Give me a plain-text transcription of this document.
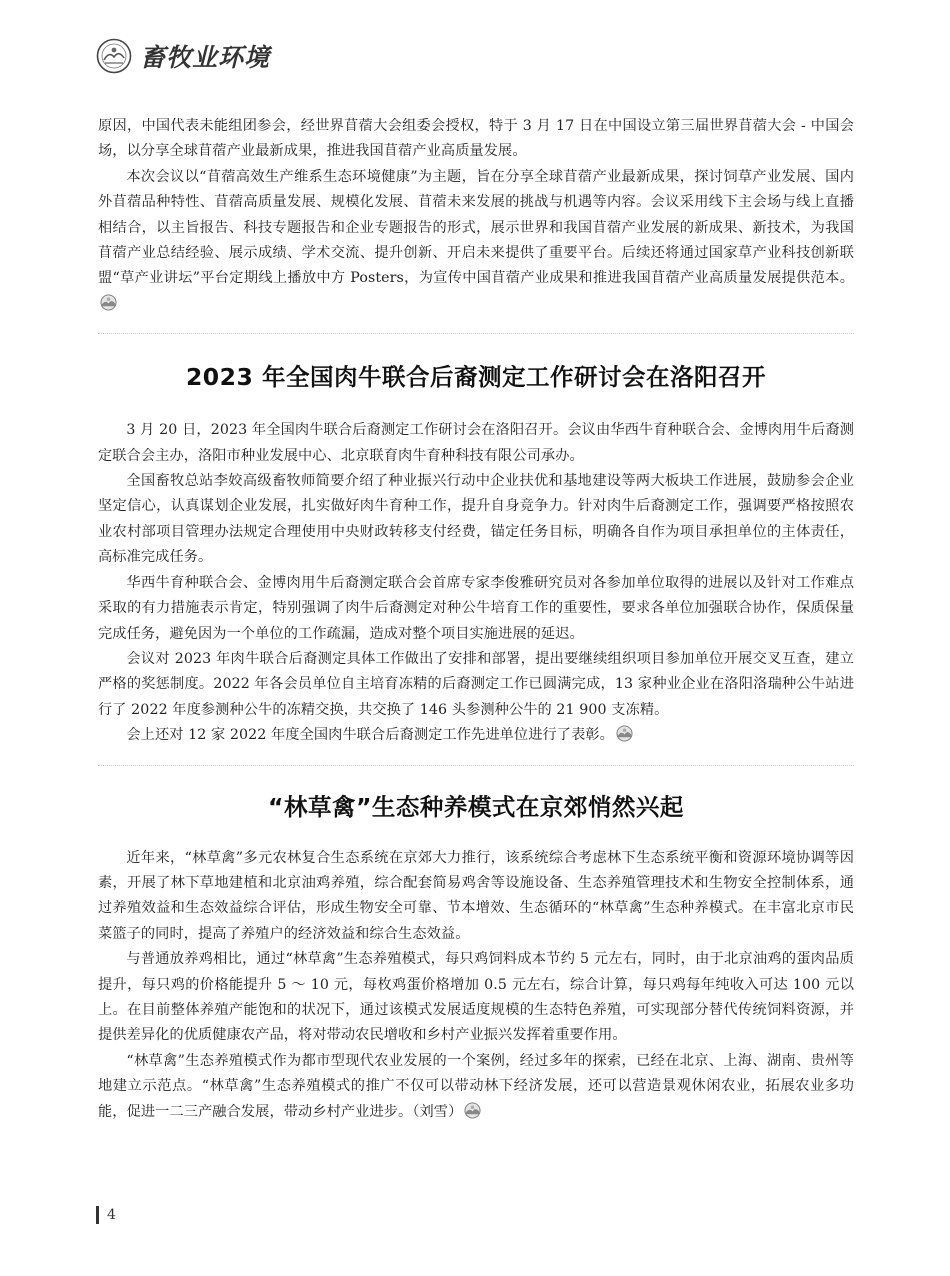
畜牧业环境

原因，中国代表未能组团参会，经世界苜蓿大会组委会授权，特于 3 月 17 日在中国设立第三届世界苜蓿大会 - 中国会场，以分享全球苜蓿产业最新成果，推进我国苜蓿产业高质量发展。

本次会议以“苜蓿高效生产维系生态环境健康”为主题，旨在分享全球苜蓿产业最新成果，探讨饲草产业发展、国内外苜蓿品种特性、苜蓿高质量发展、规模化发展、苜蓿未来发展的挑战与机遇等内容。会议采用线下主会场与线上直播相结合，以主旨报告、科技专题报告和企业专题报告的形式，展示世界和我国苜蓿产业发展的新成果、新技术，为我国苜蓿产业总结经验、展示成绩、学术交流、提升创新、开启未来提供了重要平台。后续还将通过国家草产业科技创新联盟“草产业讲坛”平台定期线上播放中方 Posters，为宣传中国苜蓿产业成果和推进我国苜蓿产业高质量发展提供范本。

2023 年全国肉牛联合后裔测定工作研讨会在洛阳召开

3 月 20 日，2023 年全国肉牛联合后裔测定工作研讨会在洛阳召开。会议由华西牛育种联合会、金博肉用牛后裔测定联合会主办，洛阳市种业发展中心、北京联育肉牛育种科技有限公司承办。

全国畜牧总站李姣高级畜牧师简要介绍了种业振兴行动中企业扶优和基地建设等两大板块工作进展，鼓励参会企业坚定信心，认真谋划企业发展，扎实做好肉牛育种工作，提升自身竞争力。针对肉牛后裔测定工作，强调要严格按照农业农村部项目管理办法规定合理使用中央财政转移支付经费，锚定任务目标，明确各自作为项目承担单位的主体责任，高标准完成任务。

华西牛育种联合会、金博肉用牛后裔测定联合会首席专家李俊雅研究员对各参加单位取得的进展以及针对工作难点采取的有力措施表示肯定，特别强调了肉牛后裔测定对种公牛培育工作的重要性，要求各单位加强联合协作，保质保量完成任务，避免因为一个单位的工作疏漏，造成对整个项目实施进展的延迟。

会议对 2023 年肉牛联合后裔测定具体工作做出了安排和部署，提出要继续组织项目参加单位开展交叉互查，建立严格的奖惩制度。2022 年各会员单位自主培育冻精的后裔测定工作已圆满完成，13 家种业企业在洛阳洛瑞种公牛站进行了 2022 年度参测种公牛的冻精交换，共交换了 146 头参测种公牛的 21 900 支冻精。

会上还对 12 家 2022 年度全国肉牛联合后裔测定工作先进单位进行了表彰。

“林草禽”生态种养模式在京郊悄然兴起

近年来，“林草禽”多元农林复合生态系统在京郊大力推行，该系统综合考虑林下生态系统平衡和资源环境协调等因素，开展了林下草地建植和北京油鸡养殖，综合配套简易鸡舍等设施设备、生态养殖管理技术和生物安全控制体系，通过养殖效益和生态效益综合评估，形成生物安全可靠、节本增效、生态循环的“林草禽”生态种养模式。在丰富北京市民菜篮子的同时，提高了养殖户的经济效益和综合生态效益。

与普通放养鸡相比，通过“林草禽”生态养殖模式，每只鸡饲料成本节约 5 元左右，同时，由于北京油鸡的蛋肉品质提升，每只鸡的价格能提升 5 ～ 10 元，每枚鸡蛋价格增加 0.5 元左右，综合计算，每只鸡每年纯收入可达 100 元以上。在目前整体养殖产能饱和的状况下，通过该模式发展适度规模的生态特色养殖，可实现部分替代传统饲料资源，并提供差异化的优质健康农产品，将对带动农民增收和乡村产业振兴发挥着重要作用。

“林草禽”生态养殖模式作为都市型现代农业发展的一个案例，经过多年的探索，已经在北京、上海、湖南、贵州等地建立示范点。“林草禽”生态养殖模式的推广不仅可以带动林下经济发展，还可以营造景观休闲农业，拓展农业多功能，促进一二三产融合发展，带动乡村产业进步。（刘雪）

4
